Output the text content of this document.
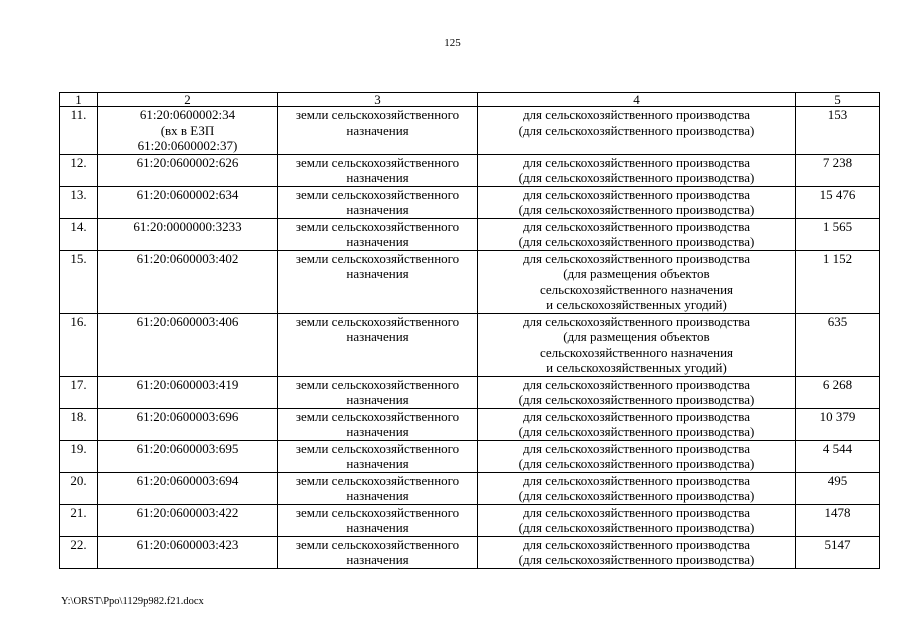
125
1	2	3	4	5
11.	61:20:0600002:34
(вх в ЕЗП
61:20:0600002:37)	земли сельскохозяйственного
назначения	для сельскохозяйственного производства
(для сельскохозяйственного производства)	153
12.	61:20:0600002:626	земли сельскохозяйственного
назначения	для сельскохозяйственного производства
(для сельскохозяйственного производства)	7 238
13.	61:20:0600002:634	земли сельскохозяйственного
назначения	для сельскохозяйственного производства
(для сельскохозяйственного производства)	15 476
14.	61:20:0000000:3233	земли сельскохозяйственного
назначения	для сельскохозяйственного производства
(для сельскохозяйственного производства)	1 565
15.	61:20:0600003:402	земли сельскохозяйственного
назначения	для сельскохозяйственного производства
(для размещения объектов
сельскохозяйственного назначения
и сельскохозяйственных угодий)	1 152
16.	61:20:0600003:406	земли сельскохозяйственного
назначения	для сельскохозяйственного производства
(для размещения объектов
сельскохозяйственного назначения
и сельскохозяйственных угодий)	635
17.	61:20:0600003:419	земли сельскохозяйственного
назначения	для сельскохозяйственного производства
(для сельскохозяйственного производства)	6 268
18.	61:20:0600003:696	земли сельскохозяйственного
назначения	для сельскохозяйственного производства
(для сельскохозяйственного производства)	10 379
19.	61:20:0600003:695	земли сельскохозяйственного
назначения	для сельскохозяйственного производства
(для сельскохозяйственного производства)	4 544
20.	61:20:0600003:694	земли сельскохозяйственного
назначения	для сельскохозяйственного производства
(для сельскохозяйственного производства)	495
21.	61:20:0600003:422	земли сельскохозяйственного
назначения	для сельскохозяйственного производства
(для сельскохозяйственного производства)	1478
22.	61:20:0600003:423	земли сельскохозяйственного
назначения	для сельскохозяйственного производства
(для сельскохозяйственного производства)	5147
Y:\ORST\Ppo\1129p982.f21.docx
